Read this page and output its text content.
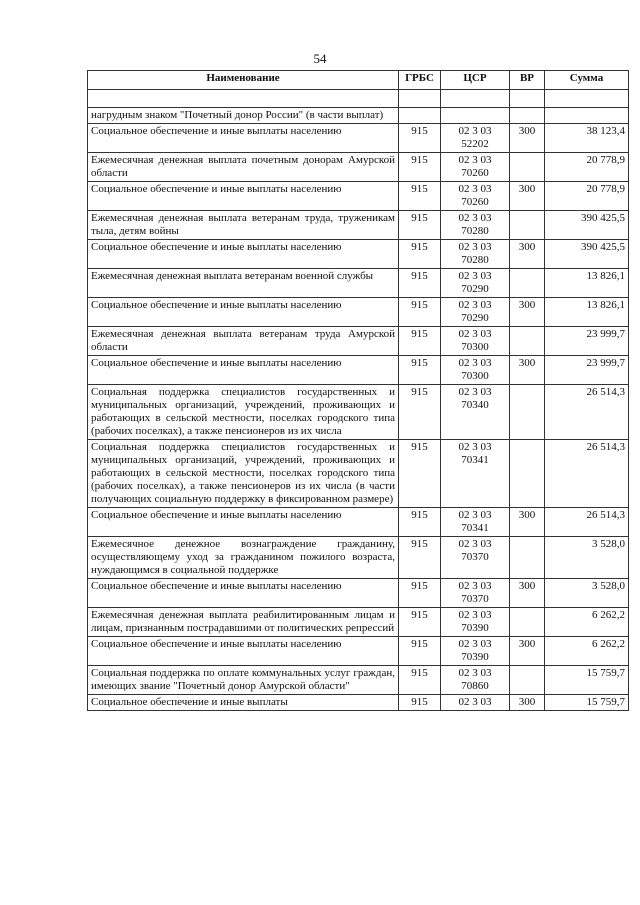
54
Наименование	ГРБС	ЦСР	ВР	Сумма

нагрудным знаком "Почетный донор России" (в части выплат)				
Социальное обеспечение и иные выплаты населению	915	02 3 03 52202	300	38 123,4
Ежемесячная денежная выплата почетным донорам Амурской области	915	02 3 03 70260		20 778,9
Социальное обеспечение и иные выплаты населению	915	02 3 03 70260	300	20 778,9
Ежемесячная денежная выплата ветеранам труда, труженикам тыла, детям войны	915	02 3 03 70280		390 425,5
Социальное обеспечение и иные выплаты населению	915	02 3 03 70280	300	390 425,5
Ежемесячная денежная выплата ветеранам военной службы	915	02 3 03 70290		13 826,1
Социальное обеспечение и иные выплаты населению	915	02 3 03 70290	300	13 826,1
Ежемесячная денежная выплата ветеранам труда Амурской области	915	02 3 03 70300		23 999,7
Социальное обеспечение и иные выплаты населению	915	02 3 03 70300	300	23 999,7
Социальная поддержка специалистов государственных и муниципальных организаций, учреждений, проживающих и работающих в сельской местности, поселках городского типа (рабочих поселках), а также пенсионеров из их числа	915	02 3 03 70340		26 514,3
Социальная поддержка специалистов государственных и муниципальных организаций, учреждений, проживающих и работающих в сельской местности, поселках городского типа (рабочих поселках), а также пенсионеров из их числа (в части получающих социальную поддержку в фиксированном размере)	915	02 3 03 70341		26 514,3
Социальное обеспечение и иные выплаты населению	915	02 3 03 70341	300	26 514,3
Ежемесячное денежное вознаграждение гражданину, осуществляющему уход за гражданином пожилого возраста, нуждающимся в социальной поддержке	915	02 3 03 70370		3 528,0
Социальное обеспечение и иные выплаты населению	915	02 3 03 70370	300	3 528,0
Ежемесячная денежная выплата реабилитированным лицам и лицам, признанным пострадавшими от политических репрессий	915	02 3 03 70390		6 262,2
Социальное обеспечение и иные выплаты населению	915	02 3 03 70390	300	6 262,2
Социальная поддержка по оплате коммунальных услуг граждан, имеющих звание "Почетный донор Амурской области"	915	02 3 03 70860		15 759,7
Социальное обеспечение и иные выплаты	915	02 3 03	300	15 759,7
